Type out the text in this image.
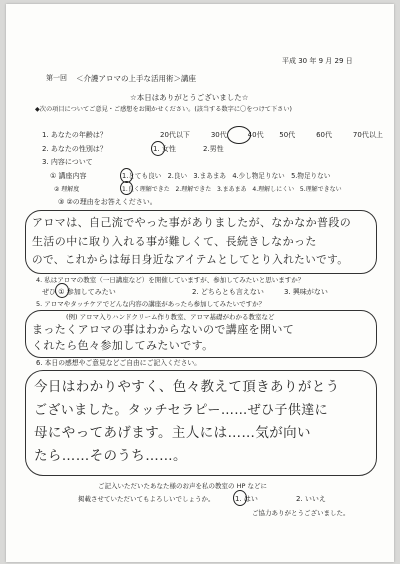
平成 30 年 9 月 29 日
第一回 ＜介護アロマの上手な活用術＞講座
☆本日はありがとうございました☆
◆次の項目についてご意見・ご感想をお聞かせください。(該当する数字に〇をつけて下さい)
1. あなたの年齢は？	20代以下	30代	40代 50代	60代	70代以上
2. あなたの性別は？	1. 女性	2.男性
3. 内容について
① 講座内容	1.とても良い 2.良い 3.まあまあ 4.少し物足りない 5.物足りない
② 理解度	1.良く理解できた 2.理解できた 3.まあまあ 4.理解しにくい 5.理解できない
③ ②の理由をお答えください。
アロマは、自己流でやった事がありましたが、なかなか普段の
生活の中に取り入れる事が難しくて、長続きしなかった
ので、これからは毎日身近なアイテムとしてとり入れたいです。
4. 私はアロマの教室（一日講座など）を開催していますが、参加してみたいと思いますか？
ぜひ ① 参加してみたい	2. どちらとも言えない	3. 興味がない
5. アロマやタッチケアでどんな内容の講座があったら参加してみたいですか？
(例) アロマ入りハンドクリーム作り教室、アロマ基礎がわかる教室など
まったくアロマの事はわからないので講座を開いて
くれたら色々参加してみたいです。
6. 本日の感想やご意見などご自由にご記入ください。
今日はわかりやすく、色々教えて頂きありがとう
ございました。タッチセラピー……ぜひ子供達に
母にやってあげます。主人には……気が向い
たら……そのうち……。
ご記入いただいたあなた様のお声を私の教室の HP などに
掲載させていただいてもよろしいでしょうか。	1. はい	2. いいえ
ご協力ありがとうございました。
